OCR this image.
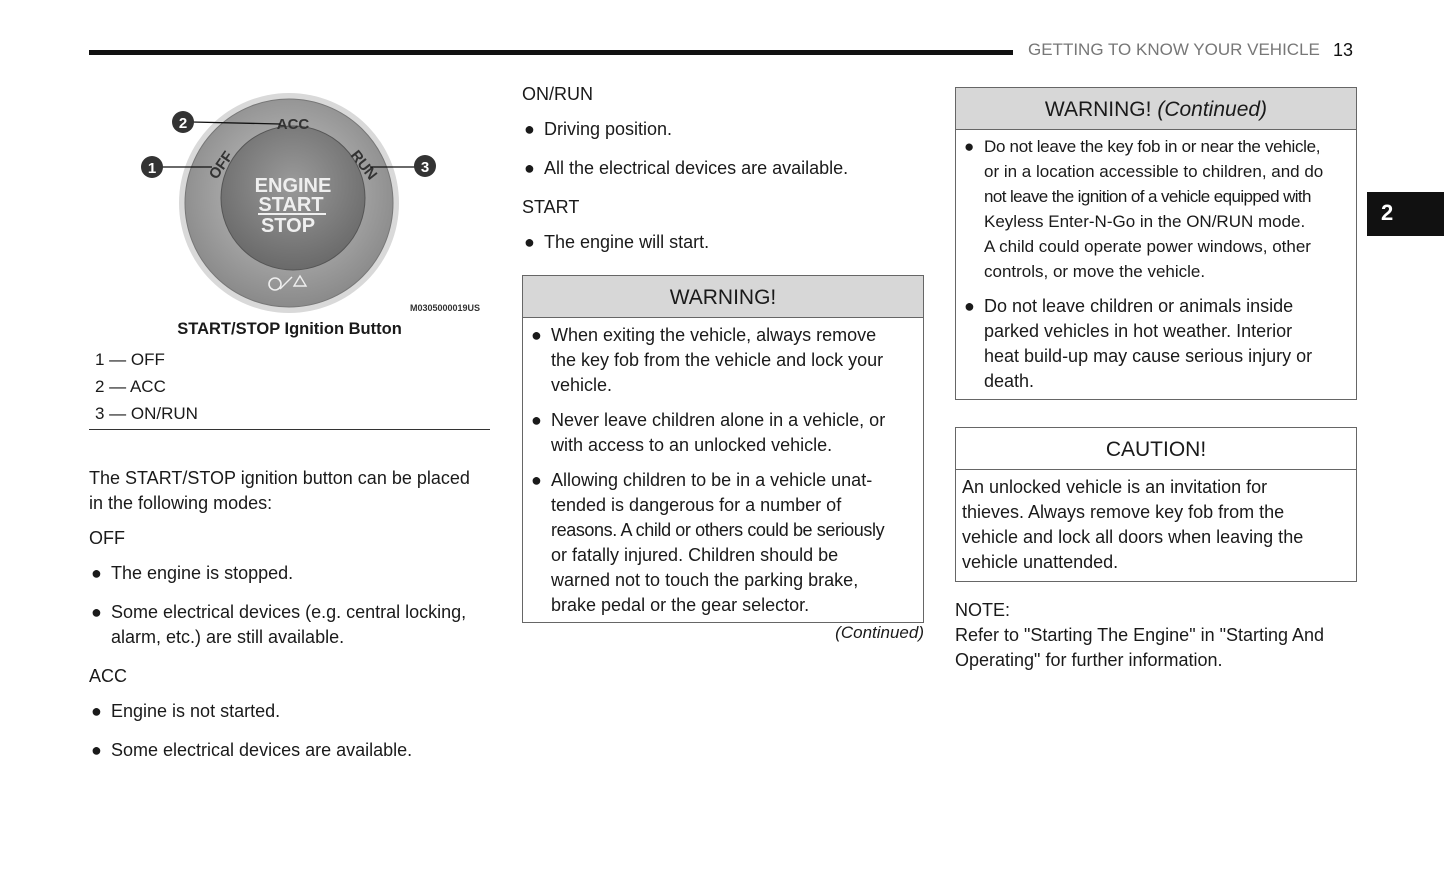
GETTING TO KNOW YOUR VEHICLE 13
2
ENGINE
START
STOP
ACC
OFF	RUN
2
1	3
M0305000019US
START/STOP Ignition Button
1 — OFF
2 — ACC
3 — ON/RUN

The START/STOP ignition button can be placed

in the following modes:

OFF

● The engine is stopped.
● Some electrical devices (e.g. central locking,
alarm, etc.) are still available.

ACC

● Engine is not started.
● Some electrical devices are available.

ON/RUN

● Driving position.
● All the electrical devices are available.

START

● The engine will start.
WARNING!
● When exiting the vehicle, always remove
the key fob from the vehicle and lock your
vehicle.
● Never leave children alone in a vehicle, or
with access to an unlocked vehicle.
● Allowing children to be in a vehicle unat-
tended is dangerous for a number of
reasons. A child or others could be seriously
or fatally injured. Children should be
warned not to touch the parking brake,
brake pedal or the gear selector.
(Continued)
WARNING! (Continued)
● Do not leave the key fob in or near the vehicle,
or in a location accessible to children, and do
not leave the ignition of a vehicle equipped with
Keyless Enter-N-Go in the ON/RUN mode.
A child could operate power windows, other
controls, or move the vehicle.
● Do not leave children or animals inside
parked vehicles in hot weather. Interior
heat build-up may cause serious injury or
death.
CAUTION!
An unlocked vehicle is an invitation for
thieves. Always remove key fob from the
vehicle and lock all doors when leaving the
vehicle unattended.

NOTE:

Refer to "Starting The Engine" in "Starting And
Operating" for further information.
